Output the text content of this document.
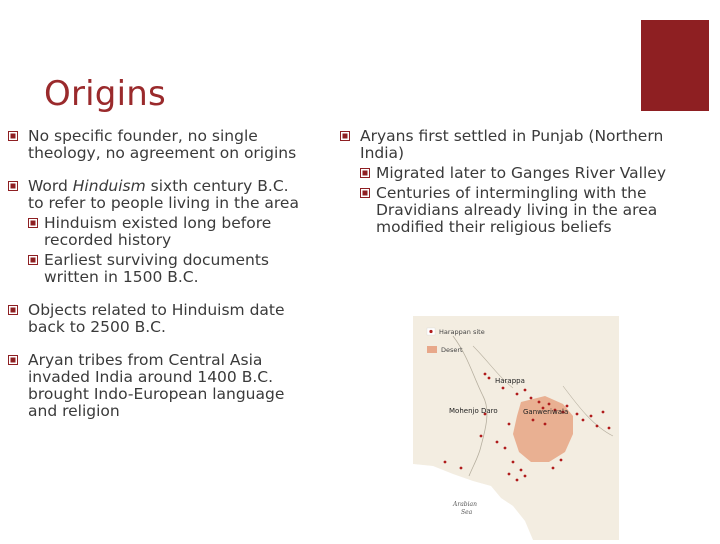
Origins
No specific founder, no single theology, no agreement on origins
Word Hinduism sixth century B.C. to refer to people living in the area
Hinduism existed long before recorded history
Earliest surviving documents written in 1500 B.C.
Objects related to Hinduism date back to 2500 B.C.
Aryan tribes from Central Asia invaded India around 1400 B.C. brought Indo-European language and religion
Aryans first settled in Punjab (Northern India)
Migrated later to Ganges River Valley
Centuries of intermingling with the Dravidians already living in the area modified their religious beliefs
Harappan site
Desert
Harappa
Mohenjo Daro	Ganweriwala
Arabian
Sea
